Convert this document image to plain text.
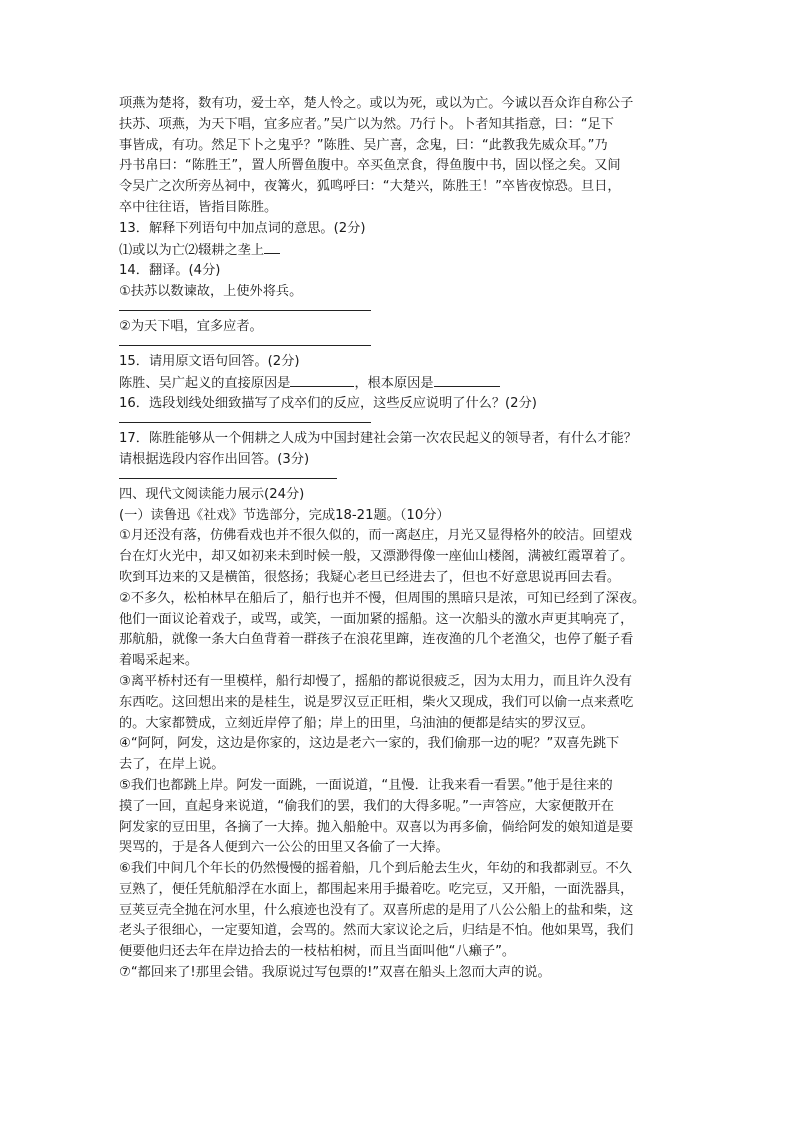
项燕为楚将，数有功，爱士卒，楚人怜之。或以为死，或以为亡。今诚以吾众诈自称公子

扶苏、项燕，为天下唱，宜多应者。”吴广以为然。乃行卜。卜者知其指意，曰：“足下

事皆成，有功。然足下卜之鬼乎？”陈胜、吴广喜，念鬼，曰：“此教我先威众耳。”乃

丹书帛曰：“陈胜王”，置人所罾鱼腹中。卒买鱼烹食，得鱼腹中书，固以怪之矣。又间

令吴广之次所旁丛祠中，夜篝火，狐鸣呼曰：“大楚兴，陈胜王！”卒皆夜惊恐。旦日，

卒中往往语，皆指目陈胜。

13．解释下列语句中加点词的意思。(2分)

⑴或以为亡⑵辍耕之垄上

14．翻译。(4分)

①扶苏以数谏故，上使外将兵。

②为天下唱，宜多应者。

15．请用原文语句回答。(2分)

陈胜、吴广起义的直接原因是	，根本原因是

16．选段划线处细致描写了戍卒们的反应，这些反应说明了什么？(2分)

17．陈胜能够从一个佣耕之人成为中国封建社会第一次农民起义的领导者，有什么才能？

请根据选段内容作出回答。(3分)

四、现代文阅读能力展示(24分)

(一）读鲁迅《社戏》节选部分，完成18-21题。（10分）

①月还没有落，仿佛看戏也并不很久似的，而一离赵庄，月光又显得格外的皎洁。回望戏

台在灯火光中，却又如初来未到时候一般，又漂渺得像一座仙山楼阁，满被红霞罩着了。

吹到耳边来的又是横笛，很悠扬；我疑心老旦已经进去了，但也不好意思说再回去看。

②不多久，松柏林早在船后了，船行也并不慢，但周围的黑暗只是浓，可知已经到了深夜。

他们一面议论着戏子，或骂，或笑，一面加紧的摇船。这一次船头的激水声更其响亮了，

那航船，就像一条大白鱼背着一群孩子在浪花里蹿，连夜渔的几个老渔父，也停了艇子看

着喝采起来。

③离平桥村还有一里模样，船行却慢了，摇船的都说很疲乏，因为太用力，而且许久没有

东西吃。这回想出来的是桂生，说是罗汉豆正旺相，柴火又现成，我们可以偷一点来煮吃

的。大家都赞成，立刻近岸停了船；岸上的田里，乌油油的便都是结实的罗汉豆。

④“阿阿，阿发，这边是你家的，这边是老六一家的，我们偷那一边的呢？”双喜先跳下

去了，在岸上说。

⑤我们也都跳上岸。阿发一面跳，一面说道，“且慢．让我来看一看罢。”他于是往来的

摸了一回，直起身来说道，“偷我们的罢，我们的大得多呢。”一声答应，大家便散开在

阿发家的豆田里，各摘了一大捧。抛入船舱中。双喜以为再多偷，倘给阿发的娘知道是要

哭骂的，于是各人便到六一公公的田里又各偷了一大捧。

⑥我们中间几个年长的仍然慢慢的摇着船，几个到后舱去生火，年幼的和我都剥豆。不久

豆熟了，便任凭航船浮在水面上，都围起来用手撮着吃。吃完豆，又开船，一面洗器具，

豆荚豆壳全抛在河水里，什么痕迹也没有了。双喜所虑的是用了八公公船上的盐和柴，这

老头子很细心，一定要知道，会骂的。然而大家议论之后，归结是不怕。他如果骂，我们

便要他归还去年在岸边拾去的一枝枯桕树，而且当面叫他“八癞子”。

⑦“都回来了!那里会错。我原说过写包票的!”双喜在船头上忽而大声的说。
